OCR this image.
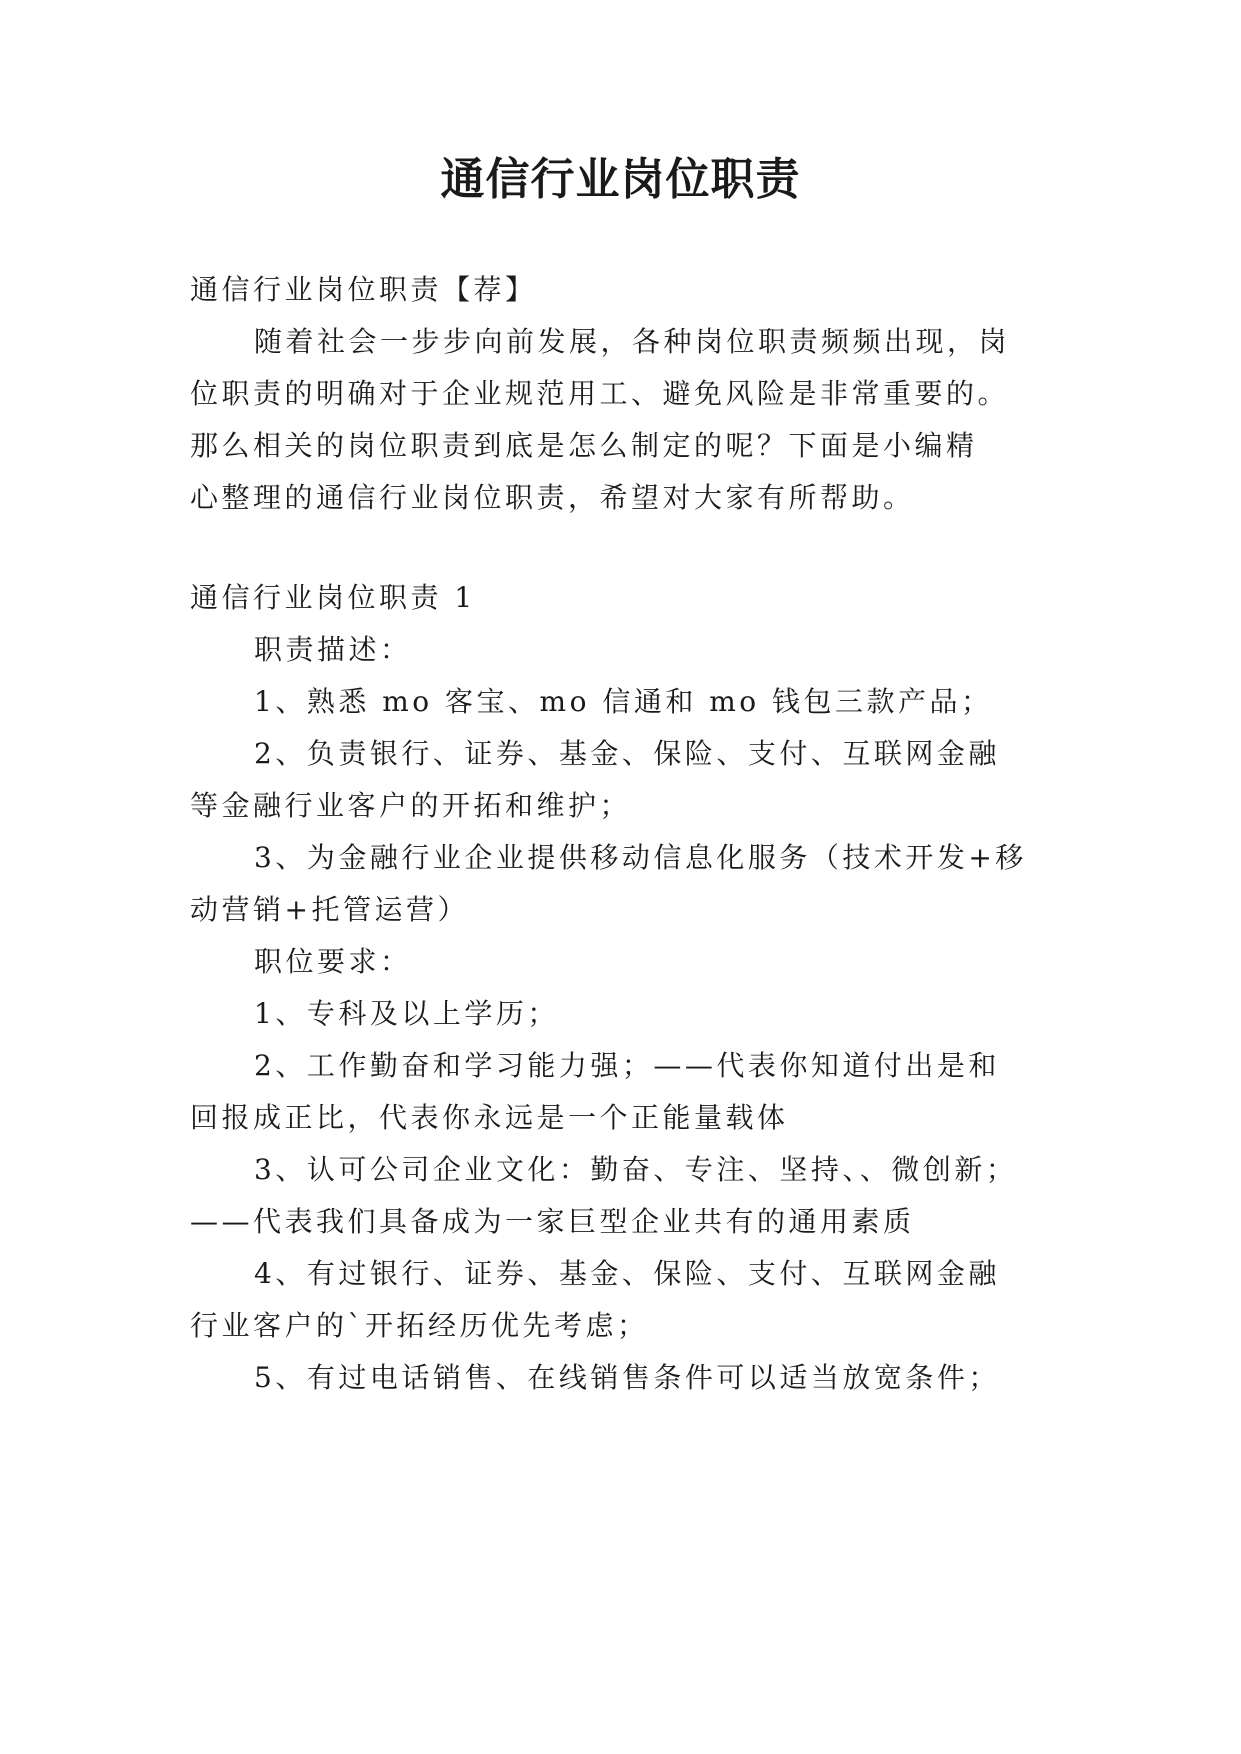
通信行业岗位职责
通信行业岗位职责【荐】
随着社会一步步向前发展，各种岗位职责频频出现，岗
位职责的明确对于企业规范用工、避免风险是非常重要的。
那么相关的岗位职责到底是怎么制定的呢？下面是小编精
心整理的通信行业岗位职责，希望对大家有所帮助。
通信行业岗位职责 1
职责描述：
1、熟悉 mo 客宝、mo 信通和 mo 钱包三款产品；
2、负责银行、证券、基金、保险、支付、互联网金融
等金融行业客户的开拓和维护；
3、为金融行业企业提供移动信息化服务（技术开发+移
动营销+托管运营）
职位要求：
1、专科及以上学历；
2、工作勤奋和学习能力强；——代表你知道付出是和
回报成正比，代表你永远是一个正能量载体
3、认可公司企业文化：勤奋、专注、坚持、、微创新；
——代表我们具备成为一家巨型企业共有的通用素质
4、有过银行、证券、基金、保险、支付、互联网金融
行业客户的`开拓经历优先考虑；
5、有过电话销售、在线销售条件可以适当放宽条件；
